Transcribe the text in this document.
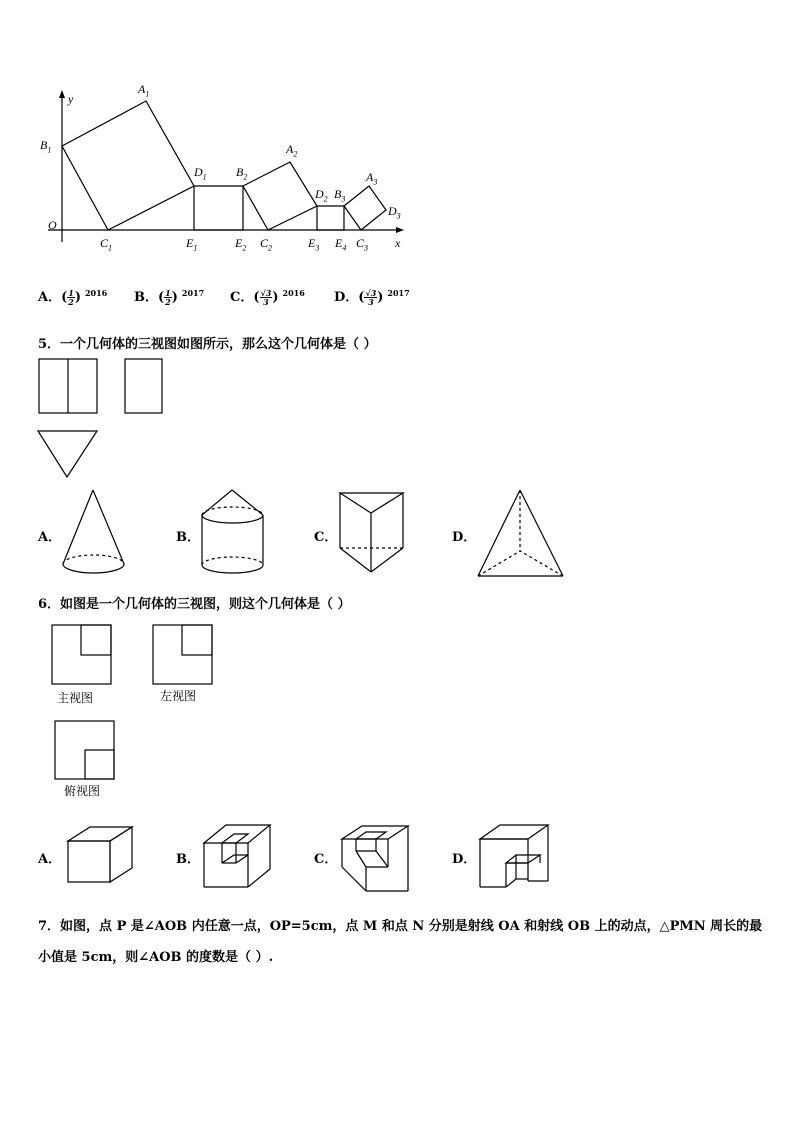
y
x
O
$A_1$
$B_1$
$C_1$
$D_1$
$E_1$	$E_2$
$B_2$
$A_2$
$C_2$
$D_2$ $B_3$
$E_3$ $E_4$ $C_3$
$A_3$
$D_3$
A．( $\frac{1}{2}$ ) $^{2016}$ B．( $\frac{1}{2}$ ) $^{2017}$ C．( $\frac{√3}{3}$ ) $^{2016}$ D．( $\frac{√3}{3}$ ) $^{2017}$
5．一个几何体的三视图如图所示，那么这个几何体是（ ）
A．	B．	C．	D．
6．如图是一个几何体的三视图，则这个几何体是（ ）
主视图	左视图
俯视图
A．	B．	C．	D．
7．如图，点 P 是∠AOB 内任意一点，OP=5cm，点 M 和点 N 分别是射线 OA 和射线 OB 上的动点，△PMN 周长的最
小值是 5cm，则∠AOB 的度数是（ ）.
